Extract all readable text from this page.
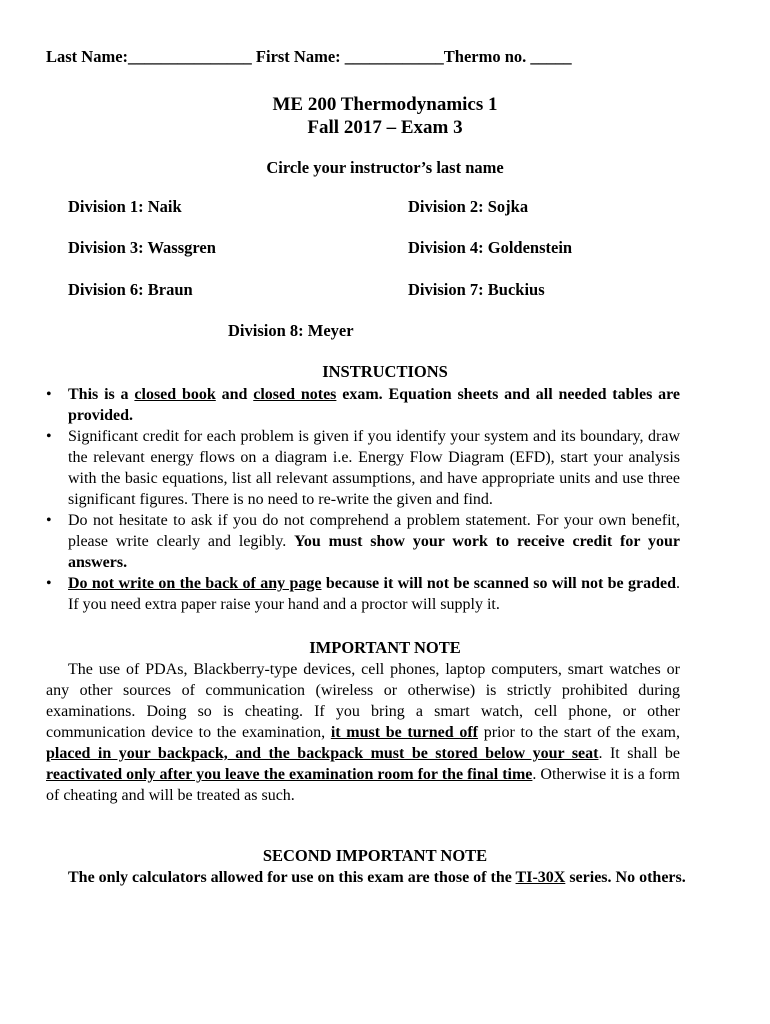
Last Name:_______________ First Name: ____________Thermo no. _____
ME 200 Thermodynamics 1
Fall 2017 – Exam 3
Circle your instructor’s last name
Division 1: Naik	Division 2: Sojka
Division 3: Wassgren	Division 4: Goldenstein
Division 6: Braun	Division 7: Buckius
Division 8: Meyer
INSTRUCTIONS
• This is a closed book and closed notes exam. Equation sheets and all needed tables are provided.
• Significant credit for each problem is given if you identify your system and its boundary, draw the relevant energy flows on a diagram i.e. Energy Flow Diagram (EFD), start your analysis with the basic equations, list all relevant assumptions, and have appropriate units and use three significant figures. There is no need to re-write the given and find.
• Do not hesitate to ask if you do not comprehend a problem statement. For your own benefit, please write clearly and legibly. You must show your work to receive credit for your answers.
• Do not write on the back of any page because it will not be scanned so will not be graded. If you need extra paper raise your hand and a proctor will supply it.
IMPORTANT NOTE

The use of PDAs, Blackberry-type devices, cell phones, laptop computers, smart watches or any other sources of communication (wireless or otherwise) is strictly prohibited during examinations. Doing so is cheating. If you bring a smart watch, cell phone, or other communication device to the examination, it must be turned off prior to the start of the exam, placed in your backpack, and the backpack must be stored below your seat. It shall be reactivated only after you leave the examination room for the final time. Otherwise it is a form of cheating and will be treated as such.

SECOND IMPORTANT NOTE

The only calculators allowed for use on this exam are those of the TI-30X series. No others.
